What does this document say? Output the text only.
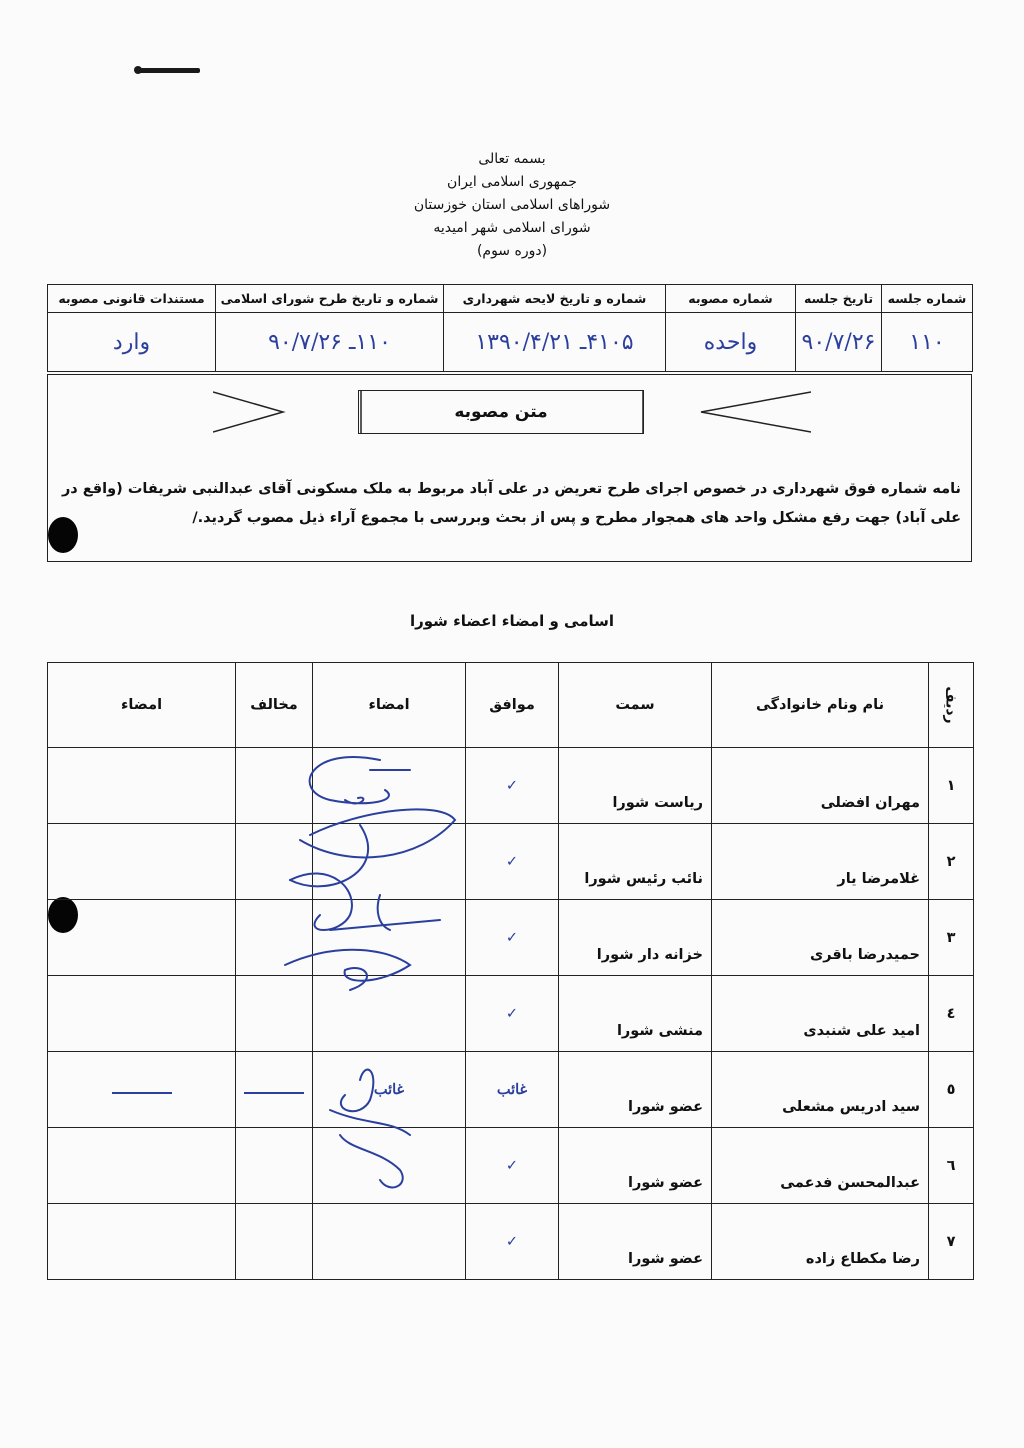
بسمه تعالی
جمهوری اسلامی ایران
شوراهای اسلامی استان خوزستان
شورای اسلامی شهر امیدیه
(دوره سوم)
شماره جلسه	تاریخ جلسه	شماره مصوبه	شماره و تاریخ لایحه شهرداری	شماره و تاریخ طرح شورای اسلامی	مستندات قانونی مصوبه
۱۱۰	۹۰/۷/۲۶	واحده	۴۱۰۵ـ ۱۳۹۰/۴/۲۱	۱۱۰ـ ۹۰/۷/۲۶	وارد
متن مصوبه
نامه شماره فوق شهرداری در خصوص اجرای طرح تعریض در علی آباد مربوط به ملک مسکونی آقای عبدالنبی شریفات (واقع در علی آباد) جهت رفع مشکل واحد های همجوار مطرح و پس از بحث وبررسی با مجموع آراء ذیل مصوب گردید./
اسامی و امضاء اعضاء شورا
ردیف	نام ونام خانوادگی	سمت	موافق	امضاء	مخالف	امضاء
۱	مهران افضلی	ریاست شورا	✓			
۲	غلامرضا یار	نائب رئیس شورا	✓			
۳	حمیدرضا باقری	خزانه دار شورا	✓			
٤	امید علی شنبدی	منشی شورا	✓			
٥	سید ادریس مشعلی	عضو شورا	غائب	غائب		
٦	عبدالمحسن فدعمی	عضو شورا	✓			
۷	رضا مکطاع زاده	عضو شورا	✓			
